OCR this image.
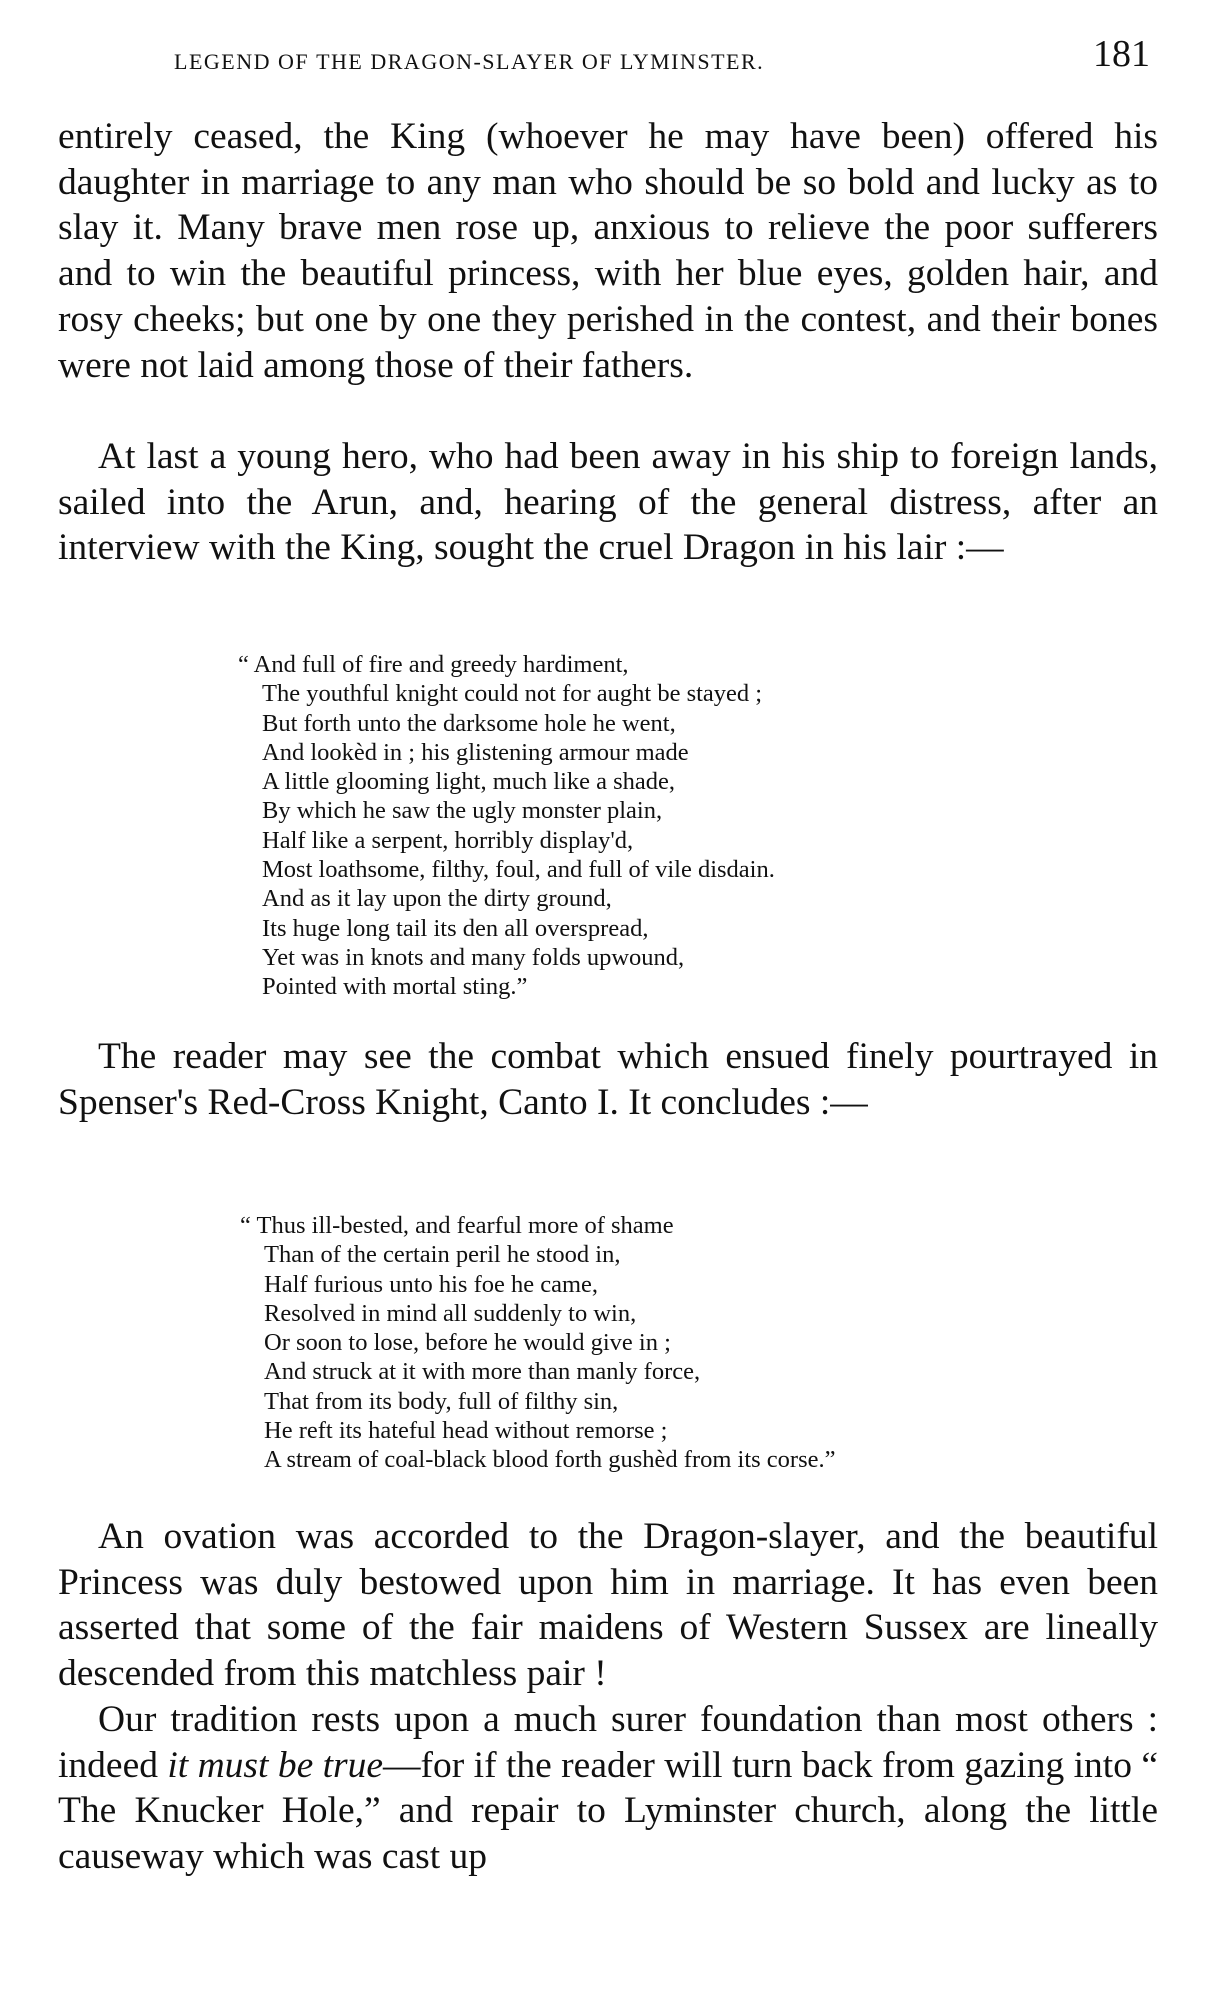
legend of the dragon-slayer of lyminster.	181

entirely ceased, the King (whoever he may have been) offered his daughter in marriage to any man who should be so bold and lucky as to slay it. Many brave men rose up, anxious to relieve the poor sufferers and to win the beautiful princess, with her blue eyes, golden hair, and rosy cheeks; but one by one they perished in the contest, and their bones were not laid among those of their fathers.

At last a young hero, who had been away in his ship to foreign lands, sailed into the Arun, and, hearing of the general distress, after an interview with the King, sought the cruel Dragon in his lair :—

“ And full of fire and greedy hardiment,
The youthful knight could not for aught be stayed ;
But forth unto the darksome hole he went,
And lookèd in ; his glistening armour made
A little glooming light, much like a shade,
By which he saw the ugly monster plain,
Half like a serpent, horribly display'd,
Most loathsome, filthy, foul, and full of vile disdain.
And as it lay upon the dirty ground,
Its huge long tail its den all overspread,
Yet was in knots and many folds upwound,
Pointed with mortal sting.”

The reader may see the combat which ensued finely pourtrayed in Spenser's Red-Cross Knight, Canto I. It concludes :—

“ Thus ill-bested, and fearful more of shame
Than of the certain peril he stood in,
Half furious unto his foe he came,
Resolved in mind all suddenly to win,
Or soon to lose, before he would give in ;
And struck at it with more than manly force,
That from its body, full of filthy sin,
He reft its hateful head without remorse ;
A stream of coal-black blood forth gushèd from its corse.”

An ovation was accorded to the Dragon-slayer, and the beautiful Princess was duly bestowed upon him in marriage. It has even been asserted that some of the fair maidens of Western Sussex are lineally descended from this matchless pair !

Our tradition rests upon a much surer foundation than most others : indeed it must be true—for if the reader will turn back from gazing into “ The Knucker Hole,” and repair to Lyminster church, along the little causeway which was cast up
